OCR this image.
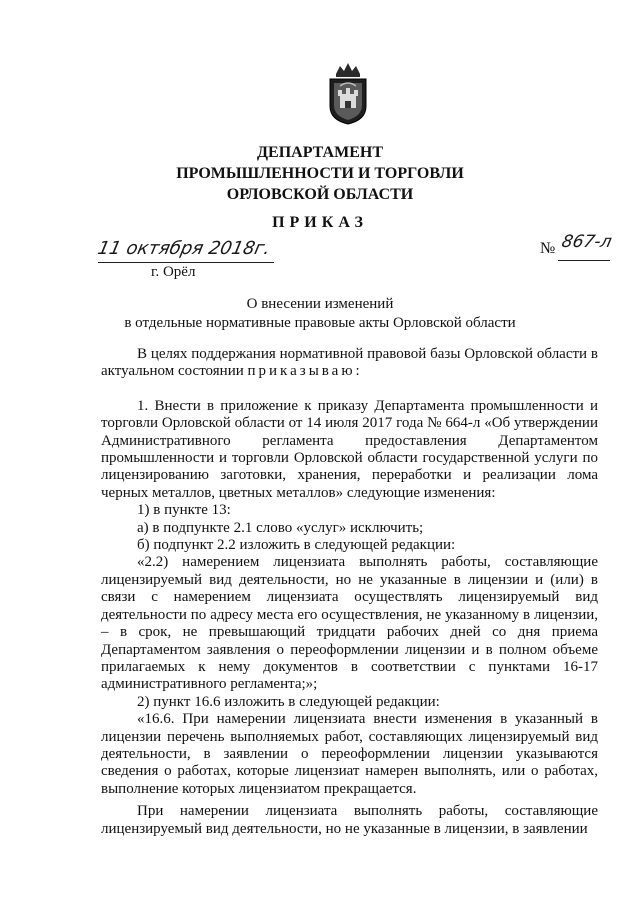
ДЕПАРТАМЕНТ
ПРОМЫШЛЕННОСТИ И ТОРГОВЛИ
ОРЛОВСКОЙ ОБЛАСТИ
ПРИКАЗ
11 октября 2018г.
г. Орёл
№ 867-л
О внесении изменений
в отдельные нормативные правовые акты Орловской области

В целях поддержания нормативной правовой базы Орловской области в актуальном состоянии приказываю:

1. Внести в приложение к приказу Департамента промышленности и торговли Орловской области от 14 июля 2017 года № 664-л «Об утверждении Административного регламента предоставления Департаментом промышленности и торговли Орловской области государственной услуги по лицензированию заготовки, хранения, переработки и реализации лома черных металлов, цветных металлов» следующие изменения:

1) в пункте 13:

а) в подпункте 2.1 слово «услуг» исключить;

б) подпункт 2.2 изложить в следующей редакции:

«2.2) намерением лицензиата выполнять работы, составляющие лицензируемый вид деятельности, но не указанные в лицензии и (или) в связи с намерением лицензиата осуществлять лицензируемый вид деятельности по адресу места его осуществления, не указанному в лицензии, – в срок, не превышающий тридцати рабочих дней со дня приема Департаментом заявления о переоформлении лицензии и в полном объеме прилагаемых к нему документов в соответствии с пунктами 16-17 административного регламента;»;

2) пункт 16.6 изложить в следующей редакции:

«16.6. При намерении лицензиата внести изменения в указанный в лицензии перечень выполняемых работ, составляющих лицензируемый вид деятельности, в заявлении о переоформлении лицензии указываются сведения о работах, которые лицензиат намерен выполнять, или о работах, выполнение которых лицензиатом прекращается.

При намерении лицензиата выполнять работы, составляющие лицензируемый вид деятельности, но не указанные в лицензии, в заявлении
